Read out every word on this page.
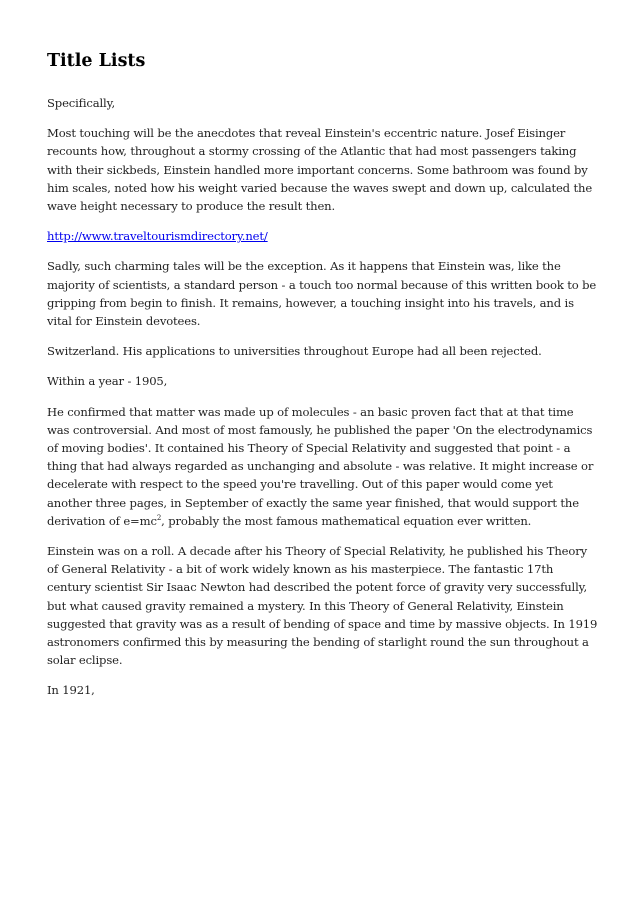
Title Lists

Specifically,

Most touching will be the anecdotes that reveal Einstein's eccentric nature. Josef Eisinger recounts how, throughout a stormy crossing of the Atlantic that had most passengers taking with their sickbeds, Einstein handled more important concerns. Some bathroom was found by him scales, noted how his weight varied because the waves swept and down up, calculated the wave height necessary to produce the result then.

http://www.traveltourismdirectory.net/

Sadly, such charming tales will be the exception. As it happens that Einstein was, like the majority of scientists, a standard person - a touch too normal because of this written book to be gripping from begin to finish. It remains, however, a touching insight into his travels, and is vital for Einstein devotees.

Switzerland. His applications to universities throughout Europe had all been rejected.

Within a year - 1905,

He confirmed that matter was made up of molecules - an basic proven fact that at that time was controversial. And most of most famously, he published the paper 'On the electrodynamics of moving bodies'. It contained his Theory of Special Relativity and suggested that point - a thing that had always regarded as unchanging and absolute - was relative. It might increase or decelerate with respect to the speed you're travelling. Out of this paper would come yet another three pages, in September of exactly the same year finished, that would support the derivation of $e=mc^2$, probably the most famous mathematical equation ever written.

Einstein was on a roll. A decade after his Theory of Special Relativity, he published his Theory of General Relativity - a bit of work widely known as his masterpiece. The fantastic 17th century scientist Sir Isaac Newton had described the potent force of gravity very successfully, but what caused gravity remained a mystery. In this Theory of General Relativity, Einstein suggested that gravity was as a result of bending of space and time by massive objects. In 1919 astronomers confirmed this by measuring the bending of starlight round the sun throughout a solar eclipse.

In 1921,
